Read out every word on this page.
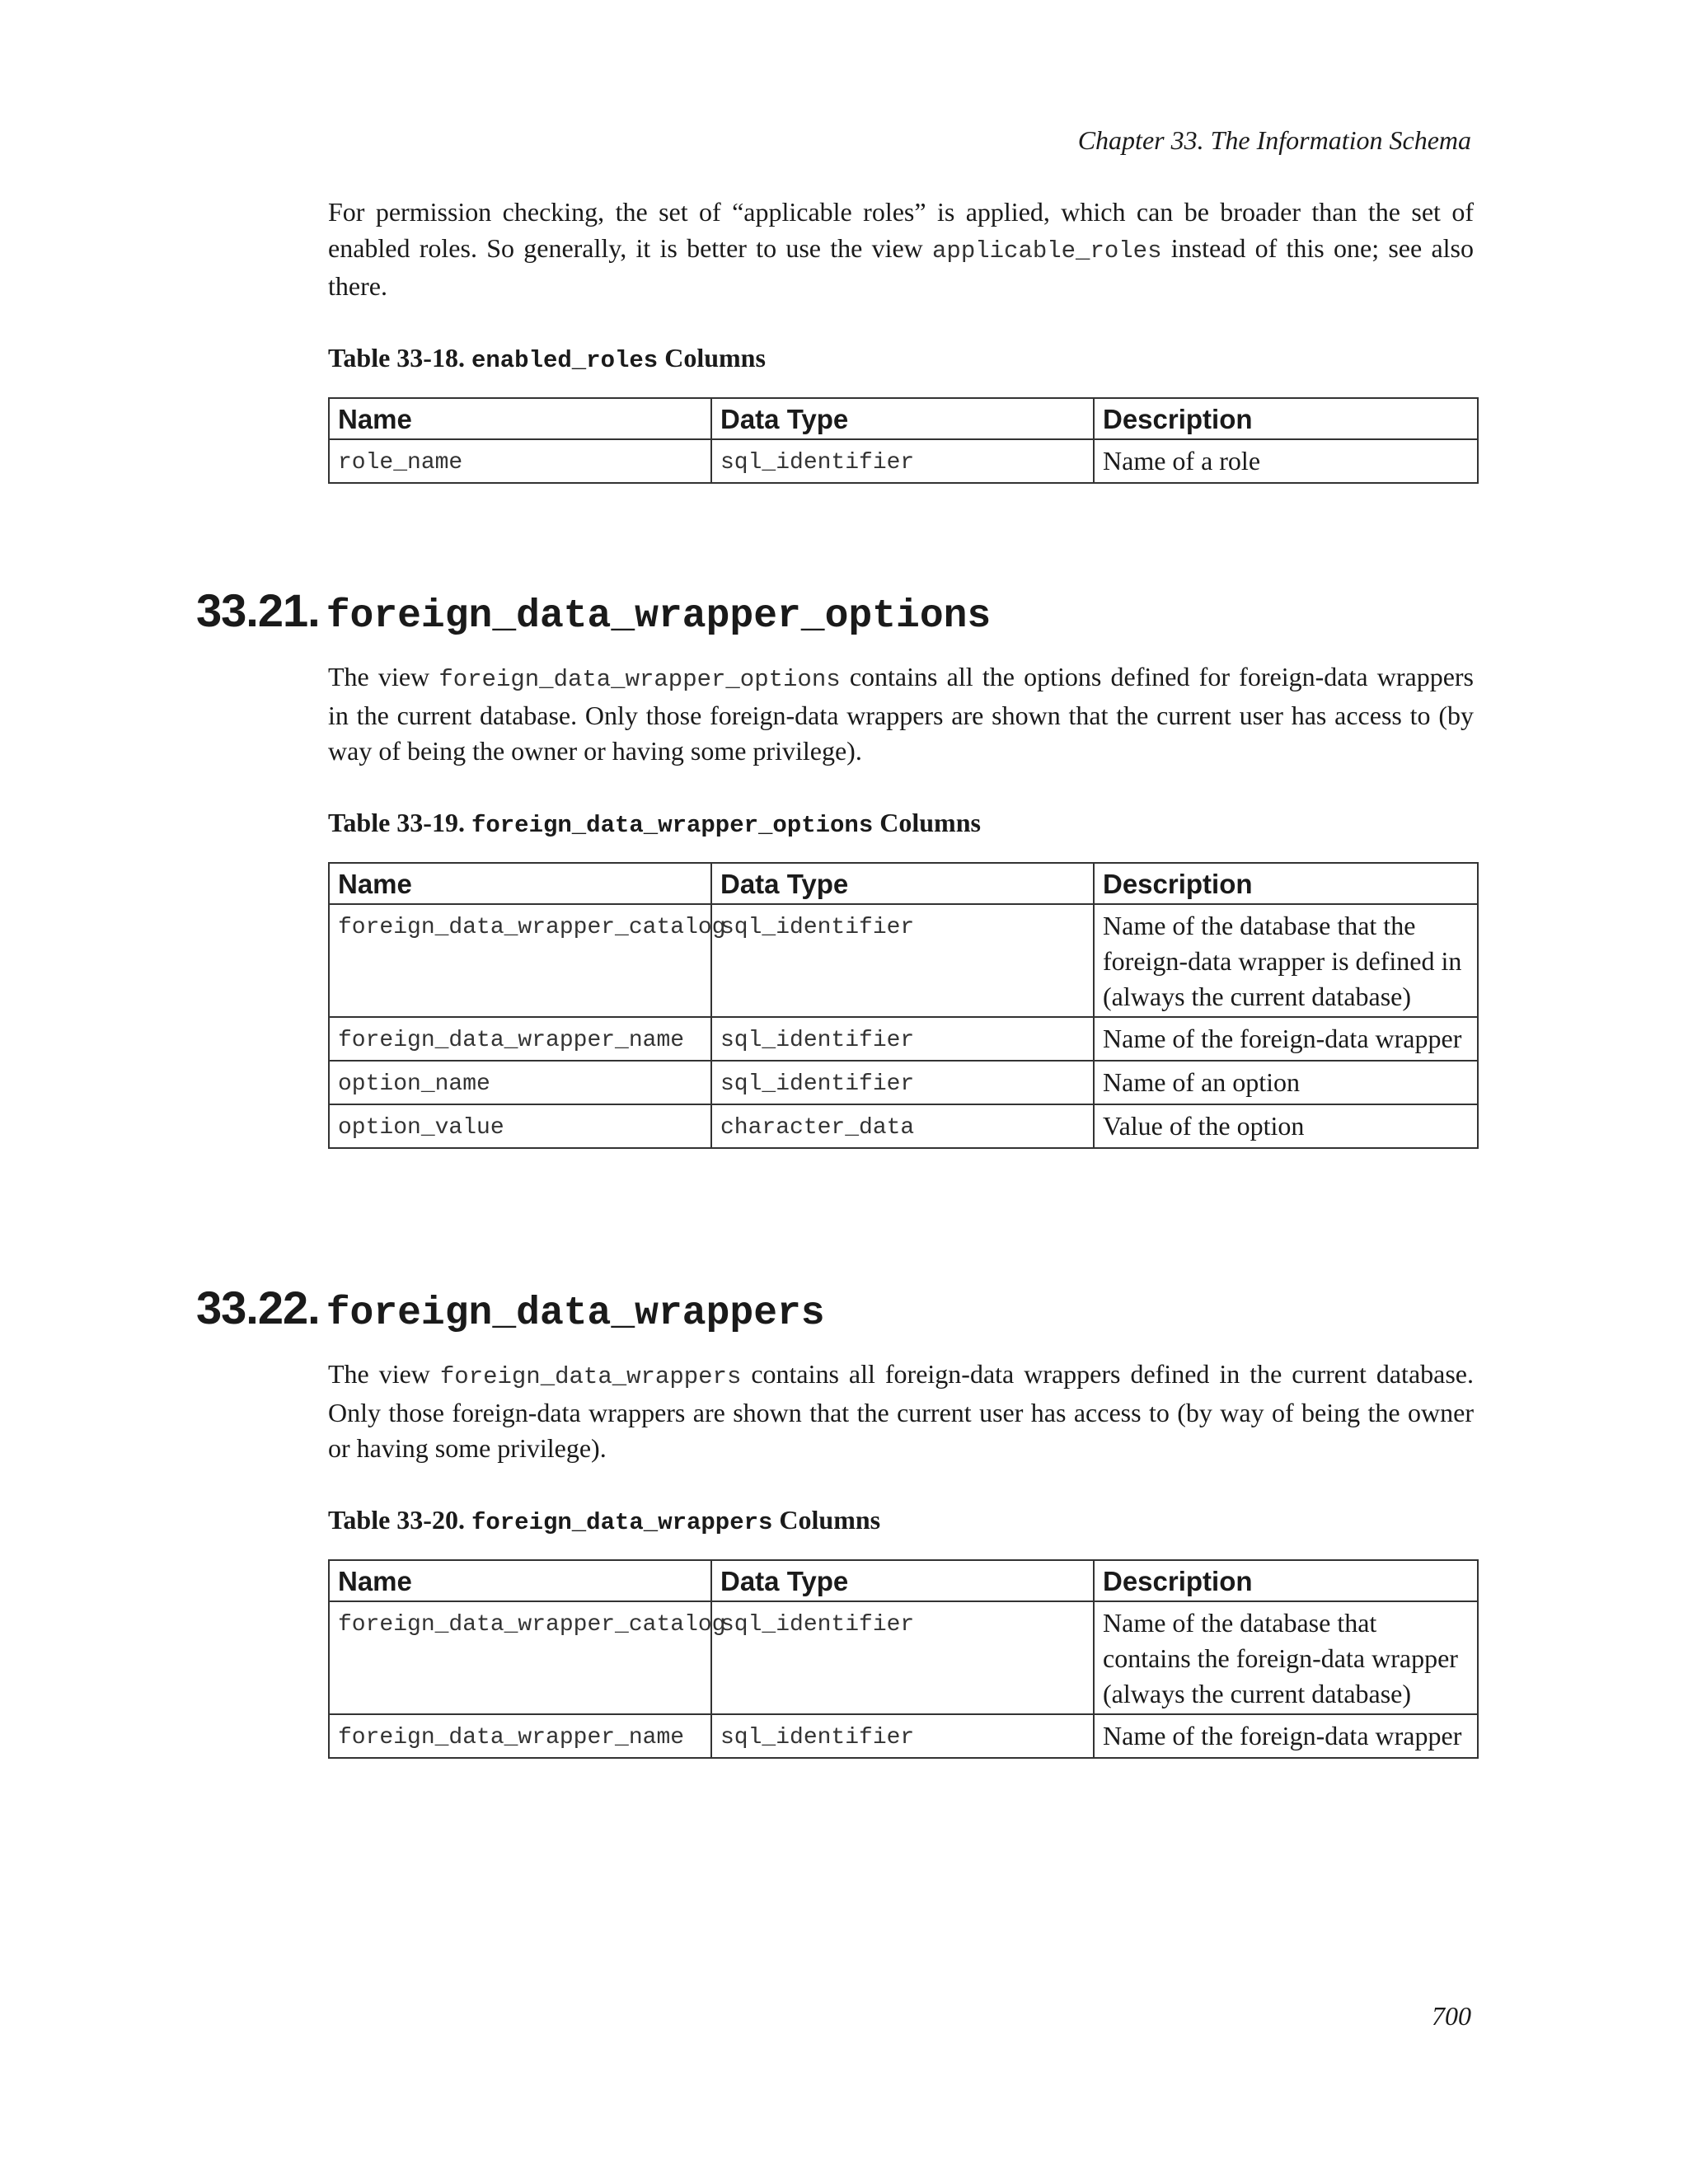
Chapter 33. The Information Schema

For permission checking, the set of “applicable roles” is applied, which can be broader than the set of enabled roles. So generally, it is better to use the view applicable_roles instead of this one; see also there.

Table 33-18. enabled_roles Columns
Name	Data Type	Description
role_name	sql_identifier	Name of a role
33.21. foreign_data_wrapper_options

The view foreign_data_wrapper_options contains all the options defined for foreign-data wrappers in the current database. Only those foreign-data wrappers are shown that the current user has access to (by way of being the owner or having some privilege).

Table 33-19. foreign_data_wrapper_options Columns
Name	Data Type	Description
foreign_data_wrapper_catalog	sql_identifier	Name of the database that the foreign-data wrapper is defined in (always the current database)
foreign_data_wrapper_name	sql_identifier	Name of the foreign-data wrapper
option_name	sql_identifier	Name of an option
option_value	character_data	Value of the option
33.22. foreign_data_wrappers

The view foreign_data_wrappers contains all foreign-data wrappers defined in the current database. Only those foreign-data wrappers are shown that the current user has access to (by way of being the owner or having some privilege).

Table 33-20. foreign_data_wrappers Columns
Name	Data Type	Description
foreign_data_wrapper_catalog	sql_identifier	Name of the database that contains the foreign-data wrapper (always the current database)
foreign_data_wrapper_name	sql_identifier	Name of the foreign-data wrapper
700
